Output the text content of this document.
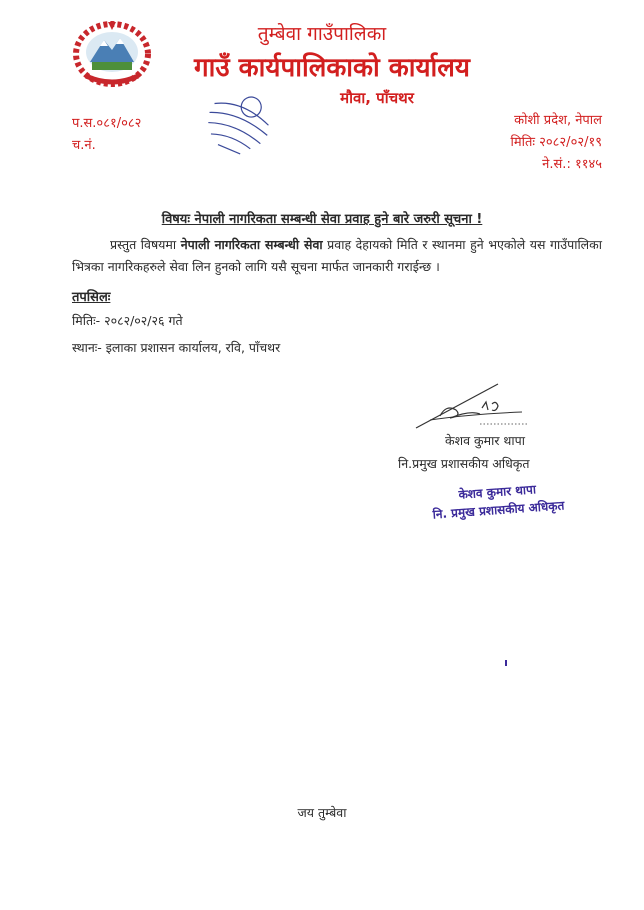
तुम्बेवा गाउँपालिका
गाउँ कार्यपालिकाको कार्यालय
मौवा, पाँचथर
प.स.०८१/०८२
च.नं.
कोशी प्रदेश, नेपाल
मितिः २०८२/०२/१९
ने.सं.: ११४५
विषयः नेपाली नागरिकता सम्बन्धी सेवा प्रवाह हुने बारे जरुरी सूचना !
प्रस्तुत विषयमा नेपाली नागरिकता सम्बन्धी सेवा प्रवाह देहायको मिति र स्थानमा हुने भएकोले यस गाउँपालिका भित्रका नागरिकहरुले सेवा लिन हुनको लागि यसै सूचना मार्फत जानकारी गराईन्छ ।
तपसिलः
मितिः- २०८२/०२/२६ गते
स्थानः- इलाका प्रशासन कार्यालय, रवि, पाँचथर
केशव कुमार थापा
नि.प्रमुख प्रशासकीय अधिकृत
केशव कुमार थापा
नि. प्रमुख प्रशासकीय अधिकृत
जय तुम्बेवा
